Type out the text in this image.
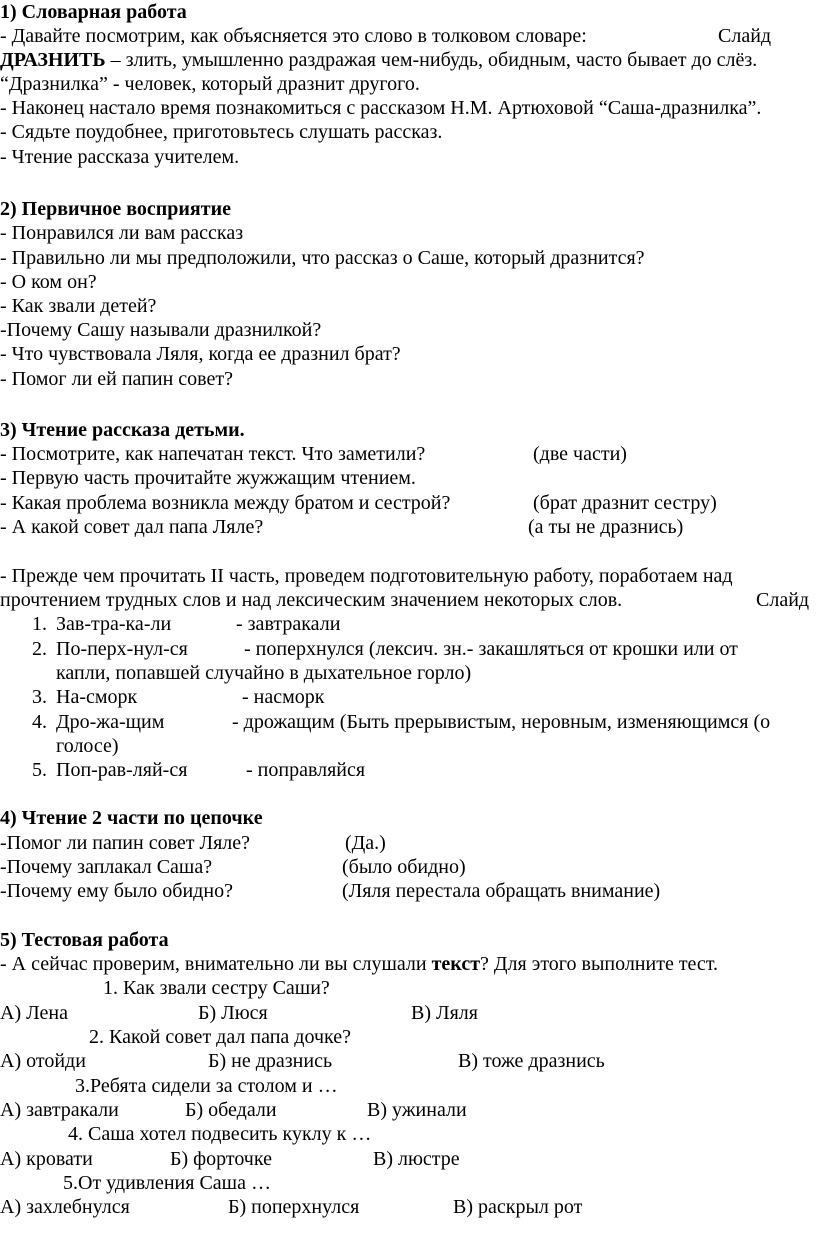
1) Словарная работа
- Давайте посмотрим, как объясняется это слово в толковом словаре:	Слайд
ДРАЗНИТЬ – злить, умышленно раздражая чем-нибудь, обидным, часто бывает до слёз.
“Дразнилка” - человек, который дразнит другого.
- Наконец настало время познакомиться с рассказом Н.М. Артюховой “Саша-дразнилка”.
- Сядьте поудобнее, приготовьтесь слушать рассказ.
- Чтение рассказа учителем.
2) Первичное восприятие
- Понравился ли вам рассказ
- Правильно ли мы предположили, что рассказ о Саше, который дразнится?
- О ком он?
- Как звали детей?
-Почему Сашу называли дразнилкой?
- Что чувствовала Ляля, когда ее дразнил брат?
- Помог ли ей папин совет?
3) Чтение рассказа детьми.
- Посмотрите, как напечатан текст. Что заметили?	(две части)
- Первую часть прочитайте жужжащим чтением.
- Какая проблема возникла между братом и сестрой?	(брат дразнит сестру)
- А какой совет дал папа Ляле?	(а ты не дразнись)
- Прежде чем прочитать II часть, проведем подготовительную работу, поработаем над
прочтением трудных слов и над лексическим значением некоторых слов.	Слайд
1. Зав-тра-ка-ли	- завтракали
2. По-перх-нул-ся	- поперхнулся (лексич. зн.- закашляться от крошки или от
капли, попавшей случайно в дыхательное горло)
3. На-сморк	- насморк
4. Дро-жа-щим	- дрожащим (Быть прерывистым, неровным, изменяющимся (о
голосе)
5. Поп-рав-ляй-ся	- поправляйся
4) Чтение 2 части по цепочке
-Помог ли папин совет Ляле?	(Да.)
-Почему заплакал Саша?	(было обидно)
-Почему ему было обидно?	(Ляля перестала обращать внимание)
5) Тестовая работа
- А сейчас проверим, внимательно ли вы слушали текст? Для этого выполните тест.
1. Как звали сестру Саши?
А) Лена	Б) Люся	В) Ляля
2. Какой совет дал папа дочке?
А) отойди	Б) не дразнись	В) тоже дразнись
3.Ребята сидели за столом и …
А) завтракали	Б) обедали	В) ужинали
4. Саша хотел подвесить куклу к …
А) кровати	Б) форточке	В) люстре
5.От удивления Саша …
А) захлебнулся	Б) поперхнулся	В) раскрыл рот
